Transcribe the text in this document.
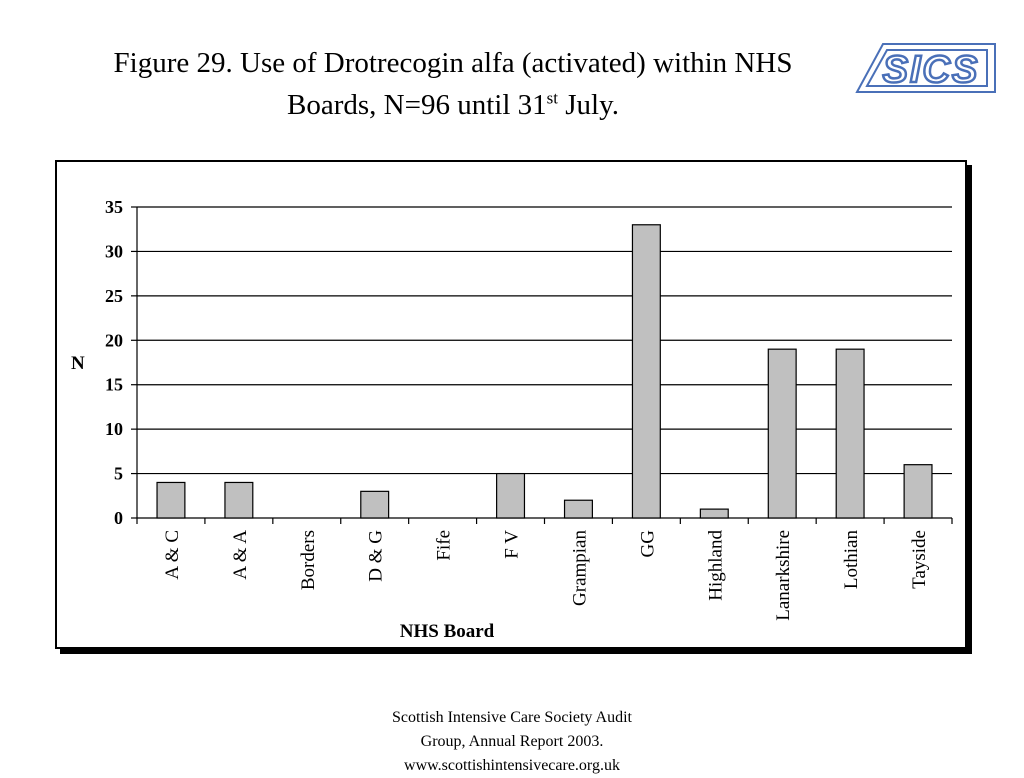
Figure 29. Use of Drotrecogin alfa (activated) within NHS
Boards, N=96 until 31st July.
SICS
0
5
10
15
20
25
30
35
A & C A & A Borders D & G Fife F V Grampian GG Highland Lanarkshire Lothian Tayside
N
NHS Board
Scottish Intensive Care Society Audit
Group, Annual Report 2003.
www.scottishintensivecare.org.uk
